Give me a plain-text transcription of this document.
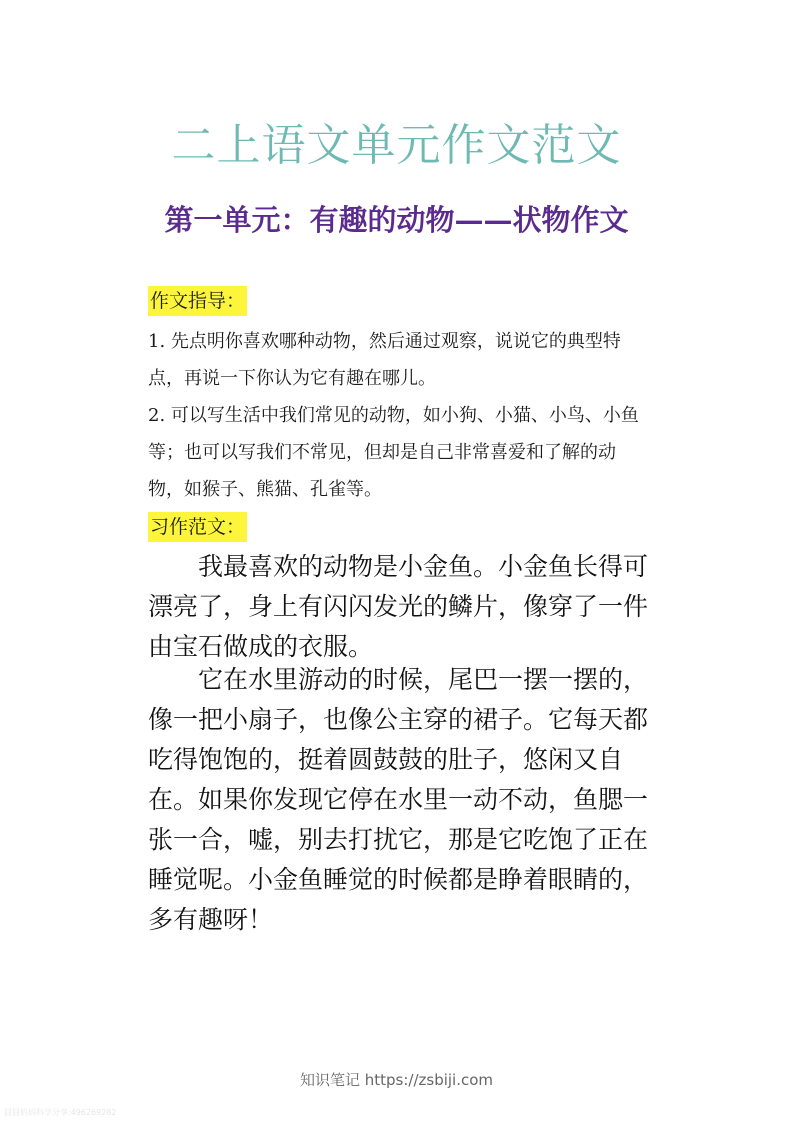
二上语文单元作文范文
第一单元：有趣的动物——状物作文
作文指导：
1. 先点明你喜欢哪种动物，然后通过观察，说说它的典型特点，再说一下你认为它有趣在哪儿。
2. 可以写生活中我们常见的动物，如小狗、小猫、小鸟、小鱼等；也可以写我们不常见，但却是自己非常喜爱和了解的动物，如猴子、熊猫、孔雀等。
习作范文：

我最喜欢的动物是小金鱼。小金鱼长得可漂亮了，身上有闪闪发光的鳞片，像穿了一件由宝石做成的衣服。

它在水里游动的时候，尾巴一摆一摆的，像一把小扇子，也像公主穿的裙子。它每天都吃得饱饱的，挺着圆鼓鼓的肚子，悠闲又自在。如果你发现它停在水里一动不动，鱼腮一张一合，嘘，别去打扰它，那是它吃饱了正在睡觉呢。小金鱼睡觉的时候都是睁着眼睛的，多有趣呀！

知识笔记 https://zsbiji.com
囧囧妈妈科学分享:496269282
